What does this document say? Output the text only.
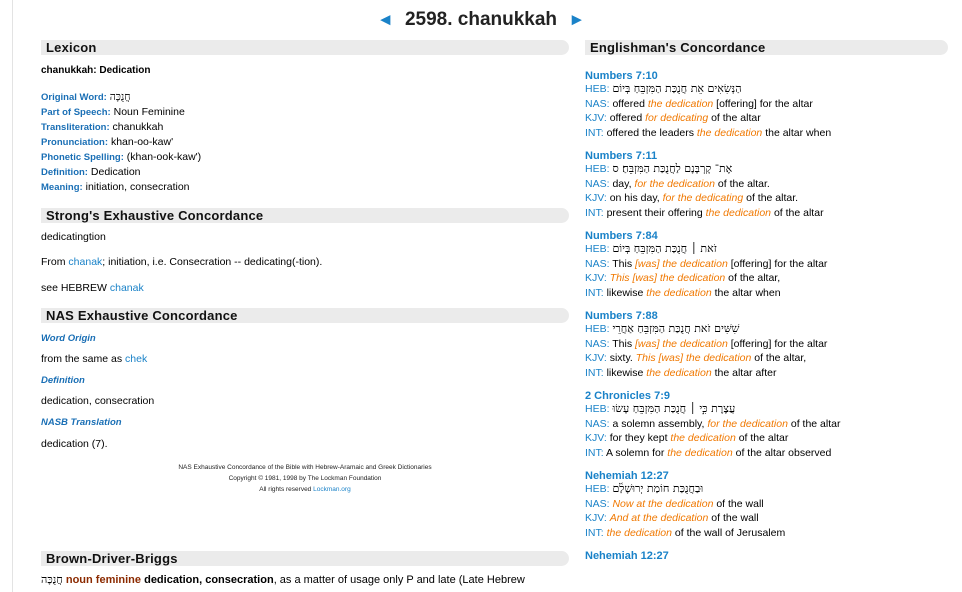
◄ 2598. chanukkah ►
Lexicon
chanukkah: Dedication
Original Word: חֲנֻכָּה
Part of Speech: Noun Feminine
Transliteration: chanukkah
Pronunciation: khan-oo-kaw'
Phonetic Spelling: (khan-ook-kaw')
Definition: Dedication
Meaning: initiation, consecration
Strong's Exhaustive Concordance
dedicatingtion
From chanak; initiation, i.e. Consecration -- dedicating(-tion).
see HEBREW chanak
NAS Exhaustive Concordance
Word Origin
from the same as chek
Definition
dedication, consecration
NASB Translation
dedication (7).
NAS Exhaustive Concordance of the Bible with Hebrew-Aramaic and Greek Dictionaries
Copyright © 1981, 1998 by The Lockman Foundation
All rights reserved Lockman.org
Brown-Driver-Briggs
חֲנֻכָּה noun feminine dedication, consecration, as a matter of usage only P and late (Late Hebrew
Englishman's Concordance
Numbers 7:10
HEB: הַנְּשִׂאִים אֵת חֲנֻכַּת הַמִּזְבֵּחַ בְּיוֹם
NAS: offered the dedication [offering] for the altar
KJV: offered for dedicating of the altar
INT: offered the leaders the dedication the altar when
Numbers 7:11
HEB: אֶת־ קָרְבָּנָם לַחֲנֻכַּת הַמִּזְבֵּחַ׃ ס
NAS: day, for the dedication of the altar.
KJV: on his day, for the dedicating of the altar.
INT: present their offering the dedication of the altar
Numbers 7:84
HEB: זֹאת ׀ חֲנֻכַּת הַמִּזְבֵּחַ בְּיוֹם
NAS: This [was] the dedication [offering] for the altar
KJV: This [was] the dedication of the altar,
INT: likewise the dedication the altar when
Numbers 7:88
HEB: שִׁשִּׁים זֹאת חֲנֻכַּת הַמִּזְבֵּחַ אַחֲרֵי
NAS: This [was] the dedication [offering] for the altar
KJV: sixty. This [was] the dedication of the altar,
INT: likewise the dedication the altar after
2 Chronicles 7:9
HEB: עֲצֶרֶת כִּ֣י ׀ חֲנֻכַּת הַמִּזְבֵּחַ עָשׂוּ
NAS: a solemn assembly, for the dedication of the altar
KJV: for they kept the dedication of the altar
INT: A solemn for the dedication of the altar observed
Nehemiah 12:27
HEB: וּבַחֲנֻכַּת חוֹמַת יְרוּשָׁלַ֫ם
NAS: Now at the dedication of the wall
KJV: And at the dedication of the wall
INT: the dedication of the wall of Jerusalem
Nehemiah 12:27
